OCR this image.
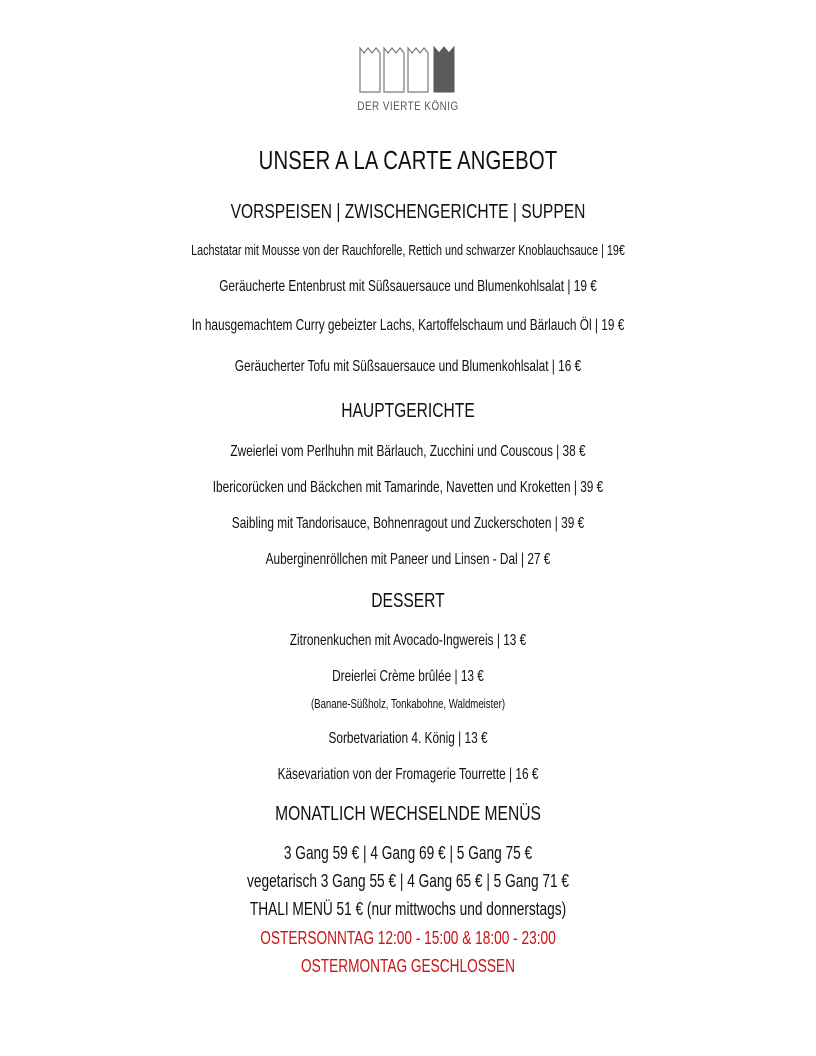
DER VIERTE KÖNIG
UNSER A LA CARTE ANGEBOT
VORSPEISEN | ZWISCHENGERICHTE | SUPPEN
Lachstatar mit Mousse von der Rauchforelle, Rettich und schwarzer Knoblauchsauce | 19€
Geräucherte Entenbrust mit Süßsauersauce und Blumenkohlsalat | 19 €
In hausgemachtem Curry gebeizter Lachs, Kartoffelschaum und Bärlauch Öl | 19 €
Geräucherter Tofu mit Süßsauersauce und Blumenkohlsalat | 16 €
HAUPTGERICHTE
Zweierlei vom Perlhuhn mit Bärlauch, Zucchini und Couscous | 38 €
Ibericorücken und Bäckchen mit Tamarinde, Navetten und Kroketten | 39 €
Saibling mit Tandorisauce, Bohnenragout und Zuckerschoten | 39 €
Auberginenröllchen mit Paneer und Linsen - Dal | 27 €
DESSERT
Zitronenkuchen mit Avocado-Ingwereis | 13 €
Dreierlei Crème brûlée | 13 €
(Banane-Süßholz, Tonkabohne, Waldmeister)
Sorbetvariation 4. König | 13 €
Käsevariation von der Fromagerie Tourrette | 16 €
MONATLICH WECHSELNDE MENÜS
3 Gang 59 € | 4 Gang 69 € | 5 Gang 75 €
vegetarisch 3 Gang 55 € | 4 Gang 65 € | 5 Gang 71 €
THALI MENÜ 51 € (nur mittwochs und donnerstags)
OSTERSONNTAG 12:00 - 15:00 & 18:00 - 23:00
OSTERMONTAG GESCHLOSSEN
